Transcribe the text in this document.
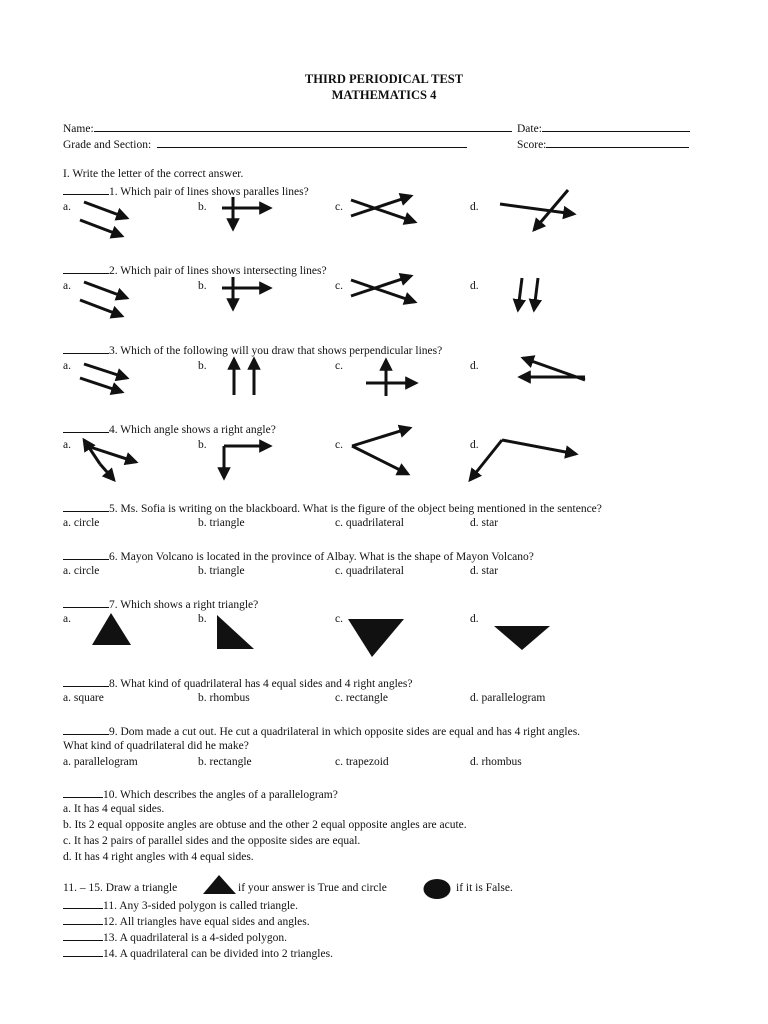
THIRD PERIODICAL TEST
MATHEMATICS 4
Name:	Date:
Grade and Section:	Score:
I. Write the letter of the correct answer.
1. Which pair of lines shows paralles lines?
a.	b.	c.	d.
2. Which pair of lines shows intersecting lines?
a.	b.	c.	d.
3. Which of the following will you draw that shows perpendicular lines?
a.	b.	c.	d.
4. Which angle shows a right angle?
a.	b.	c.	d.
5. Ms. Sofia is writing on the blackboard. What is the figure of the object being mentioned in the sentence?
a. circle	b. triangle	c. quadrilateral	d. star
6. Mayon Volcano is located in the province of Albay. What is the shape of Mayon Volcano?
a. circle	b. triangle	c. quadrilateral	d. star
7. Which shows a right triangle?
a.	b.	c.	d.
8. What kind of quadrilateral has 4 equal sides and 4 right angles?
a. square	b. rhombus	c. rectangle	d. parallelogram
9. Dom made a cut out. He cut a quadrilateral in which opposite sides are equal and has 4 right angles.
What kind of quadrilateral did he make?
a. parallelogram	b. rectangle	c. trapezoid	d. rhombus
10. Which describes the angles of a parallelogram?
a. It has 4 equal sides.
b. Its 2 equal opposite angles are obtuse and the other 2 equal opposite angles are acute.
c. It has 2 pairs of parallel sides and the opposite sides are equal.
d. It has 4 right angles with 4 equal sides.
11. – 15. Draw a triangle	if your answer is True and circle	if it is False.
11. Any 3-sided polygon is called triangle.
12. All triangles have equal sides and angles.
13. A quadrilateral is a 4-sided polygon.
14. A quadrilateral can be divided into 2 triangles.
